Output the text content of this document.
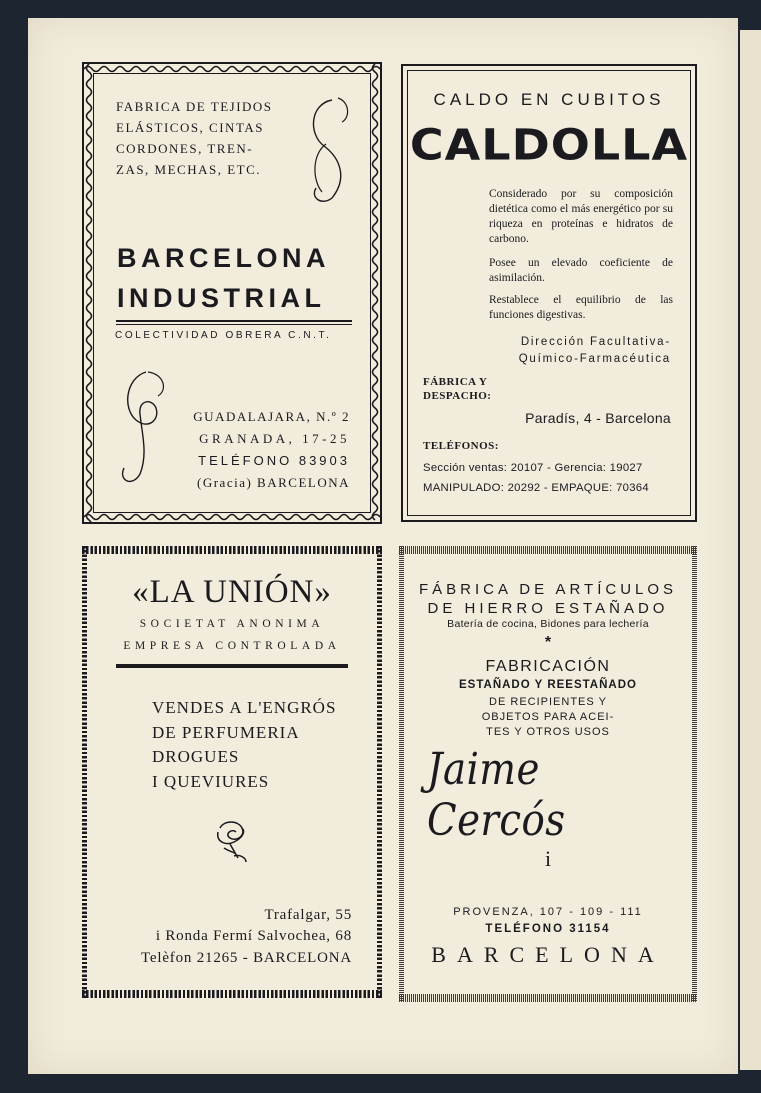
FABRICA DE TEJIDOS
ELÁSTICOS, CINTAS
CORDONES, TREN-
ZAS, MECHAS, ETC.
BARCELONA
INDUSTRIAL
COLECTIVIDAD OBRERA C.N.T.
GUADALAJARA, N.º 2
GRANADA, 17-25
TELÉFONO 83903
(Gracia) BARCELONA
CALDO EN CUBITOS
CALDOLLA
Considerado por su composición dietética como el más energético por su riqueza en proteínas e hidratos de carbono.
Posee un elevado coeficiente de asimilación.
Restablece el equilibrio de las funciones digestivas.
Dirección Facultativa-
Químico-Farmacéutica
FÁBRICA Y
DESPACHO:
Paradís, 4 - Barcelona
TELÉFONOS:
Sección ventas: 20107 - Gerencia: 19027
MANIPULADO: 20292 - EMPAQUE: 70364
«LA UNIÓN»
SOCIETAT ANONIMA
EMPRESA CONTROLADA
VENDES A L'ENGRÓS
DE PERFUMERIA
DROGUES
I QUEVIURES
Trafalgar, 55
i Ronda Fermí Salvochea, 68
Telèfon 21265 - BARCELONA
FÁBRICA DE ARTÍCULOS
DE HIERRO ESTAÑADO
Batería de cocina, Bidones para lechería
*
FABRICACIÓN
ESTAÑADO Y REESTAÑADO
DE RECIPIENTES Y
OBJETOS PARA ACEI-
TES Y OTROS USOS
Jaime Cercós
i
PROVENZA, 107 - 109 - 111
TELÉFONO 31154
BARCELONA
